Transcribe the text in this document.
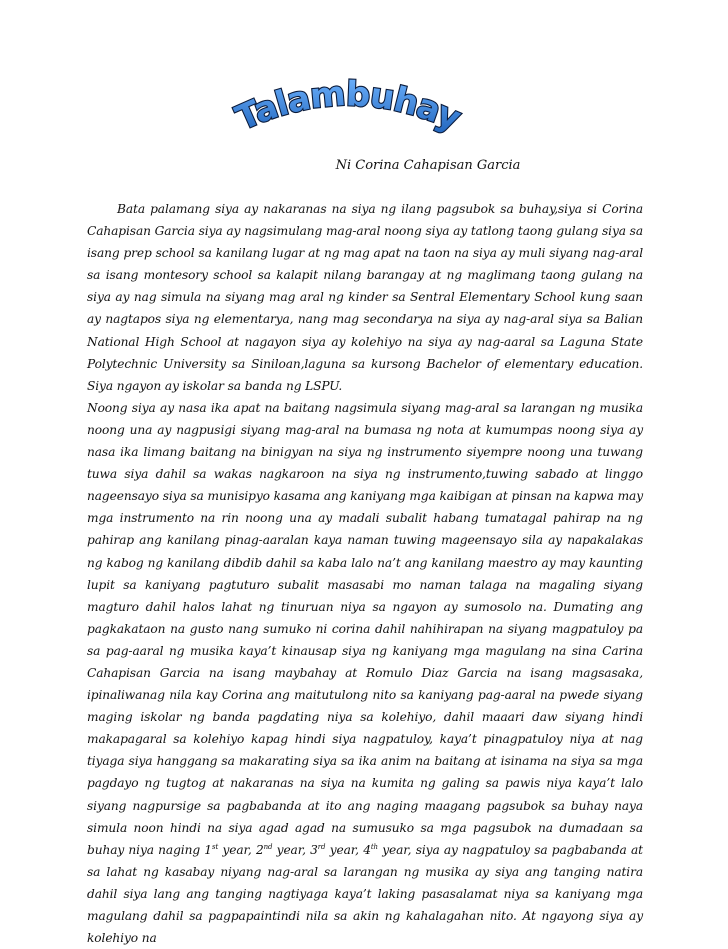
Talambuhay
Ni Corina Cahapisan Garcia

Bata palamang siya ay nakaranas na siya ng ilang pagsubok sa buhay,siya si Corina Cahapisan Garcia siya ay nagsimulang mag-aral noong siya ay tatlong taong gulang siya sa isang prep school sa kanilang lugar at ng mag apat na taon na siya ay muli siyang nag-aral sa isang montesory school sa kalapit nilang barangay at ng maglimang taong gulang na siya ay nag simula na siyang mag aral ng kinder sa Sentral Elementary School kung saan ay nagtapos siya ng elementarya, nang mag secondarya na siya ay nag-aral siya sa Balian National High School at nagayon siya ay kolehiyo na siya ay nag-aaral sa Laguna State Polytechnic University sa Siniloan,laguna sa kursong Bachelor of elementary education. Siya ngayon ay iskolar sa banda ng LSPU.

Noong siya ay nasa ika apat na baitang nagsimula siyang mag-aral sa larangan ng musika noong una ay nagpusigi siyang mag-aral na bumasa ng nota at kumumpas noong siya ay nasa ika limang baitang na binigyan na siya ng instrumento siyempre noong una tuwang tuwa siya dahil sa wakas nagkaroon na siya ng instrumento,tuwing sabado at linggo nageensayo siya sa munisipyo kasama ang kaniyang mga kaibigan at pinsan na kapwa may mga instrumento na rin noong una ay madali subalit habang tumatagal pahirap na ng pahirap ang kanilang pinag-aaralan kaya naman tuwing mageensayo sila ay napakalakas ng kabog ng kanilang dibdib dahil sa kaba lalo na’t ang kanilang maestro ay may kaunting lupit sa kaniyang pagtuturo subalit masasabi mo naman talaga na magaling siyang magturo dahil halos lahat ng tinuruan niya sa ngayon ay sumosolo na. Dumating ang pagkakataon na gusto nang sumuko ni corina dahil nahihirapan na siyang magpatuloy pa sa pag-aaral ng musika kaya’t kinausap siya ng kaniyang mga magulang na sina Carina Cahapisan Garcia na isang maybahay at Romulo Diaz Garcia na isang magsasaka, ipinaliwanag nila kay Corina ang maitutulong nito sa kaniyang pag-aaral na pwede siyang maging iskolar ng banda pagdating niya sa kolehiyo, dahil maaari daw siyang hindi makapagaral sa kolehiyo kapag hindi siya nagpatuloy, kaya’t pinagpatuloy niya at nag tiyaga siya hanggang sa makarating siya sa ika anim na baitang at isinama na siya sa mga pagdayo ng tugtog at nakaranas na siya na kumita ng galing sa pawis niya kaya’t lalo siyang nagpursige sa pagbabanda at ito ang naging maagang pagsubok sa buhay naya simula noon hindi na siya agad agad na sumusuko sa mga pagsubok na dumadaan sa buhay niya naging 1st year, 2nd year, 3rd year, 4th year, siya ay nagpatuloy sa pagbabanda at sa lahat ng kasabay niyang nag-aral sa larangan ng musika ay siya ang tanging natira dahil siya lang ang tanging nagtiyaga kaya’t laking pasasalamat niya sa kaniyang mga magulang dahil sa pagpapaintindi nila sa akin ng kahalagahan nito. At ngayong siya ay kolehiyo na
